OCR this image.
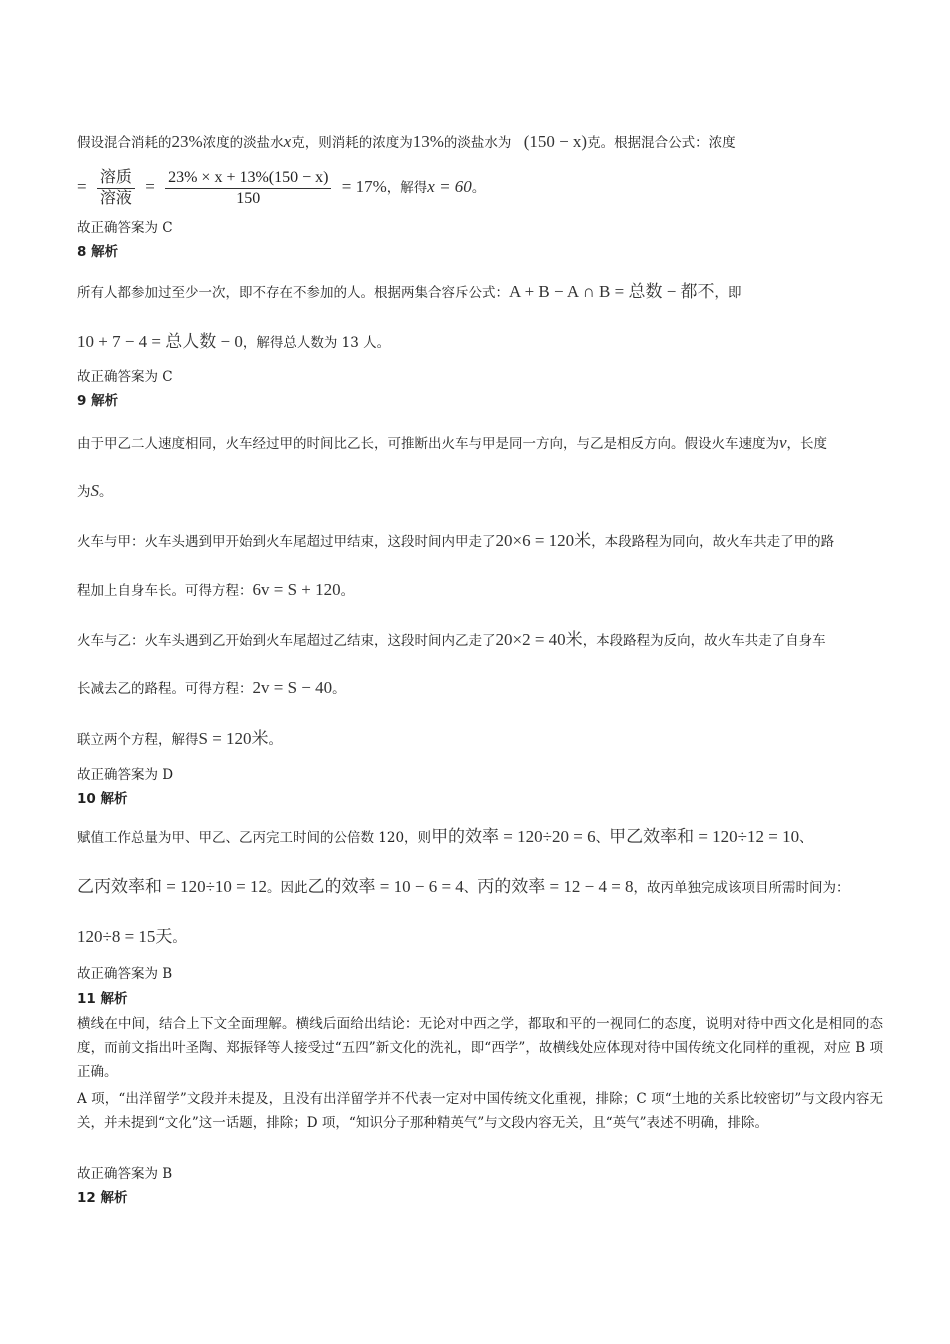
假设混合消耗的23%浓度的淡盐水x克，则消耗的浓度为13%的淡盐水为 (150 − x)克。根据混合公式：浓度
= $\frac{\text{溶质}}{\text{溶液}} = \frac{23\% \times x + 13\%(150 - x)}{150} = 17\%$，解得x = 60。
故正确答案为 C
8 解析
所有人都参加过至少一次，即不存在不参加的人。根据两集合容斥公式：A + B − A ∩ B = 总数 − 都不，即
10 + 7 − 4 = 总人数 − 0，解得总人数为 13 人。
故正确答案为 C
9 解析
由于甲乙二人速度相同，火车经过甲的时间比乙长，可推断出火车与甲是同一方向，与乙是相反方向。假设火车速度为v，长度
为S。
火车与甲：火车头遇到甲开始到火车尾超过甲结束，这段时间内甲走了20×6 = 120米，本段路程为同向，故火车共走了甲的路
程加上自身车长。可得方程：6v = S + 120。
火车与乙：火车头遇到乙开始到火车尾超过乙结束，这段时间内乙走了20×2 = 40米，本段路程为反向，故火车共走了自身车
长减去乙的路程。可得方程：2v = S − 40。
联立两个方程，解得S = 120米。
故正确答案为 D
10 解析
赋值工作总量为甲、甲乙、乙丙完工时间的公倍数 120，则甲的效率 = 120÷20 = 6、甲乙效率和 = 120÷12 = 10、
乙丙效率和 = 120÷10 = 12。因此乙的效率 = 10 − 6 = 4、丙的效率 = 12 − 4 = 8，故丙单独完成该项目所需时间为：
120÷8 = 15天。
故正确答案为 B
11 解析
横线在中间，结合上下文全面理解。横线后面给出结论：无论对中西之学，都取和平的一视同仁的态度，说明对待中西文化是相同的态度，而前文指出叶圣陶、郑振铎等人接受过“五四”新文化的洗礼，即“西学”，故横线处应体现对待中国传统文化同样的重视，对应 B 项正确。
A 项，“出洋留学”文段并未提及，且没有出洋留学并不代表一定对中国传统文化重视，排除；C 项“土地的关系比较密切”与文段内容无关，并未提到“文化”这一话题，排除；D 项，“知识分子那种精英气”与文段内容无关，且“英气”表述不明确，排除。
故正确答案为 B
12 解析
